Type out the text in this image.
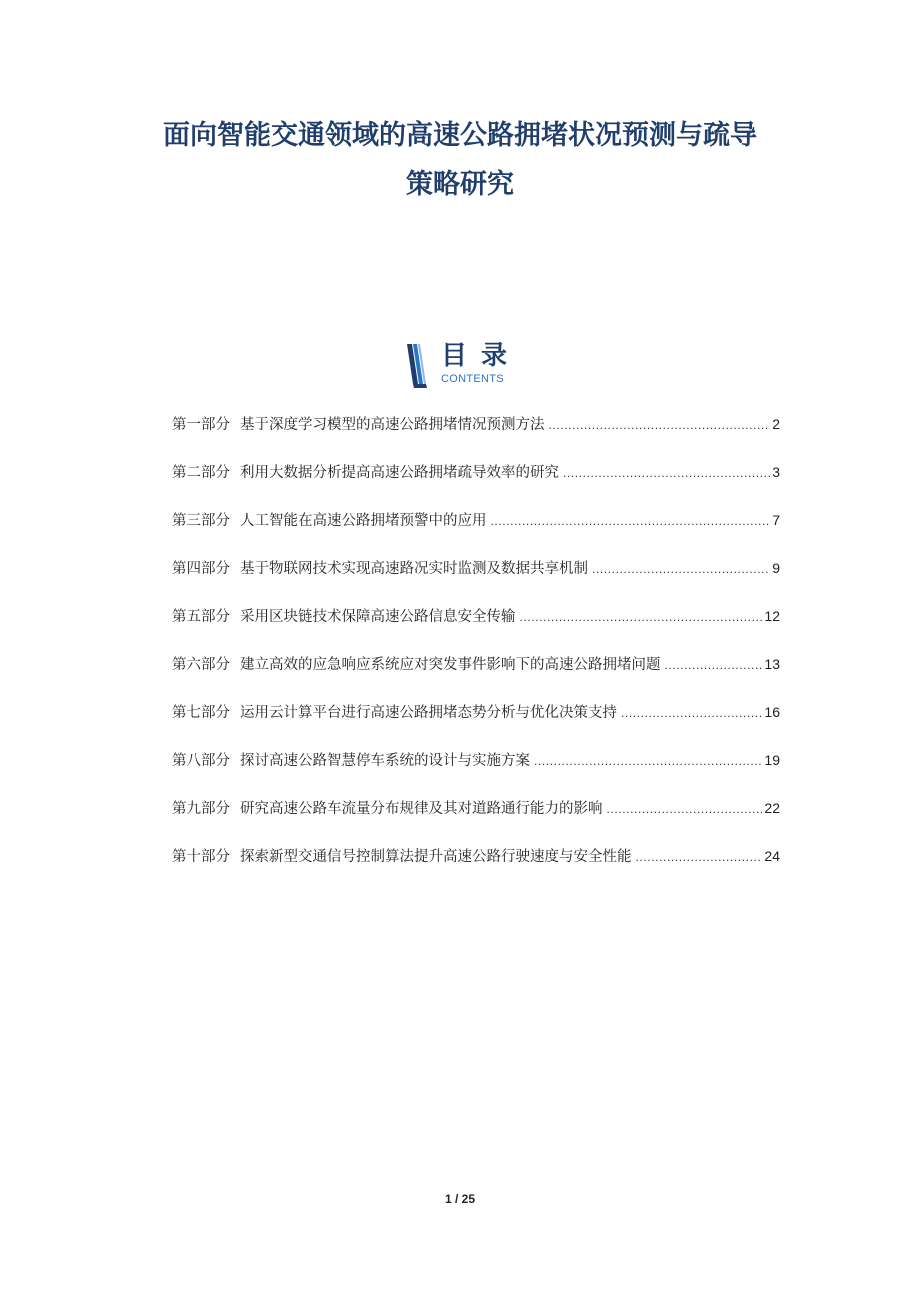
面向智能交通领域的高速公路拥堵状况预测与疏导
策略研究
目录
CONTENTS
第一部分 基于深度学习模型的高速公路拥堵情况预测方法 .....	2
第二部分 利用大数据分析提高高速公路拥堵疏导效率的研究 .....	3
第三部分 人工智能在高速公路拥堵预警中的应用 .....	7
第四部分 基于物联网技术实现高速路况实时监测及数据共享机制 .....	9
第五部分 采用区块链技术保障高速公路信息安全传输 .....	12
第六部分 建立高效的应急响应系统应对突发事件影响下的高速公路拥堵问题 .....	13
第七部分 运用云计算平台进行高速公路拥堵态势分析与优化决策支持 .....	16
第八部分 探讨高速公路智慧停车系统的设计与实施方案 .....	19
第九部分 研究高速公路车流量分布规律及其对道路通行能力的影响 .....	22
第十部分 探索新型交通信号控制算法提升高速公路行驶速度与安全性能 .....	24
1 / 25
